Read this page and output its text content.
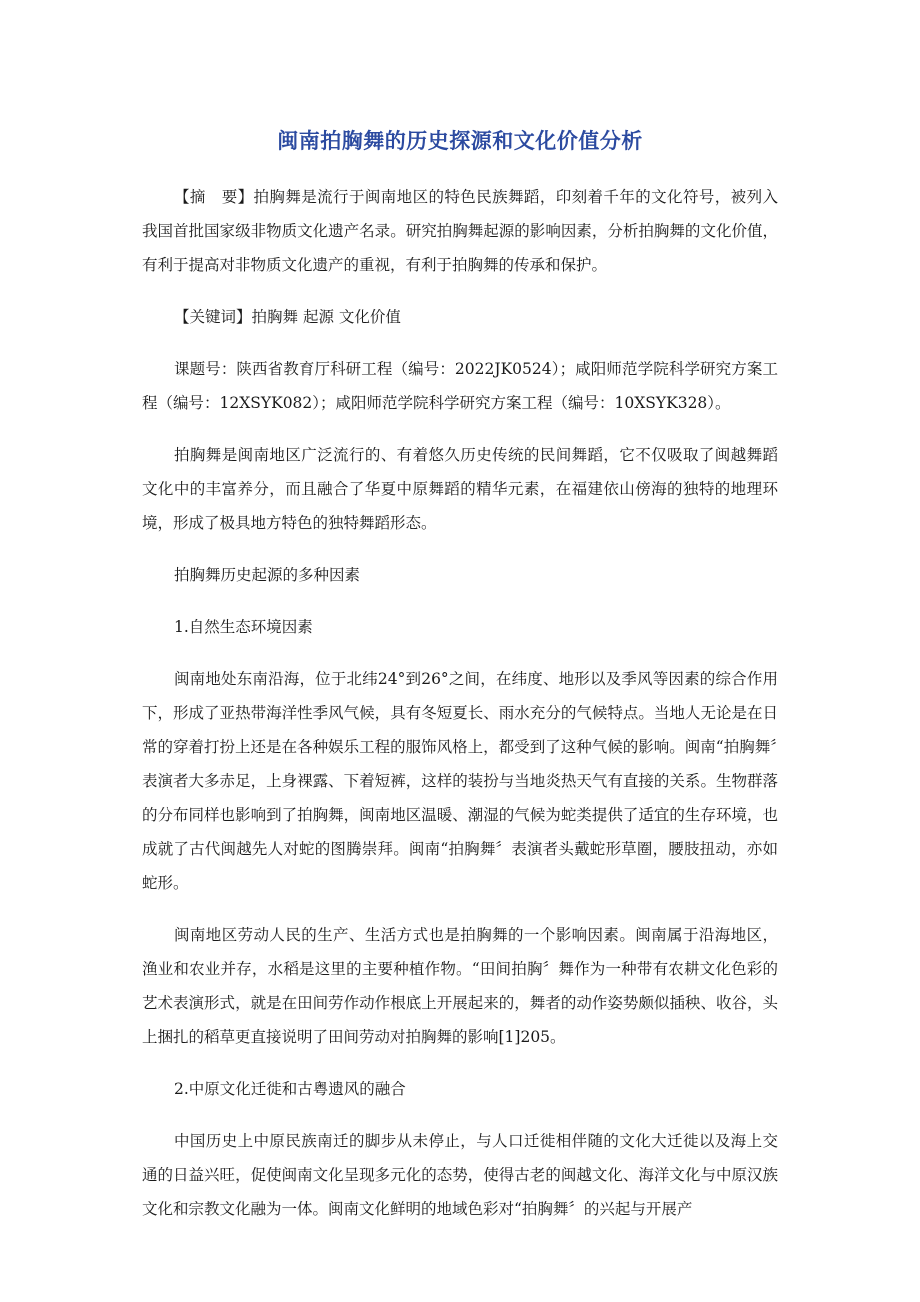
闽南拍胸舞的历史探源和文化价值分析

【摘　要】拍胸舞是流行于闽南地区的特色民族舞蹈，印刻着千年的文化符号，被列入我国首批国家级非物质文化遗产名录。研究拍胸舞起源的影响因素，分析拍胸舞的文化价值，有利于提高对非物质文化遗产的重视，有利于拍胸舞的传承和保护。

【关键词】拍胸舞 起源 文化价值

课题号：陕西省教育厅科研工程（编号：2022JK0524）；咸阳师范学院科学研究方案工程（编号：12XSYK082）；咸阳师范学院科学研究方案工程（编号：10XSYK328）。

拍胸舞是闽南地区广泛流行的、有着悠久历史传统的民间舞蹈，它不仅吸取了闽越舞蹈文化中的丰富养分，而且融合了华夏中原舞蹈的精华元素，在福建依山傍海的独特的地理环境，形成了极具地方特色的独特舞蹈形态。

拍胸舞历史起源的多种因素

1.自然生态环境因素

闽南地处东南沿海，位于北纬24°到26°之间，在纬度、地形以及季风等因素的综合作用下，形成了亚热带海洋性季风气候，具有冬短夏长、雨水充分的气候特点。当地人无论是在日常的穿着打扮上还是在各种娱乐工程的服饰风格上，都受到了这种气候的影响。闽南“拍胸舞〞表演者大多赤足，上身裸露、下着短裤，这样的装扮与当地炎热天气有直接的关系。生物群落的分布同样也影响到了拍胸舞，闽南地区温暖、潮湿的气候为蛇类提供了适宜的生存环境，也成就了古代闽越先人对蛇的图腾崇拜。闽南“拍胸舞〞表演者头戴蛇形草圈，腰肢扭动，亦如蛇形。

闽南地区劳动人民的生产、生活方式也是拍胸舞的一个影响因素。闽南属于沿海地区，渔业和农业并存，水稻是这里的主要种植作物。“田间拍胸〞舞作为一种带有农耕文化色彩的艺术表演形式，就是在田间劳作动作根底上开展起来的，舞者的动作姿势颇似插秧、收谷，头上捆扎的稻草更直接说明了田间劳动对拍胸舞的影响[1]205。

2.中原文化迁徙和古粤遗风的融合

中国历史上中原民族南迁的脚步从未停止，与人口迁徙相伴随的文化大迁徙以及海上交通的日益兴旺，促使闽南文化呈现多元化的态势，使得古老的闽越文化、海洋文化与中原汉族文化和宗教文化融为一体。闽南文化鲜明的地域色彩对“拍胸舞〞的兴起与开展产
